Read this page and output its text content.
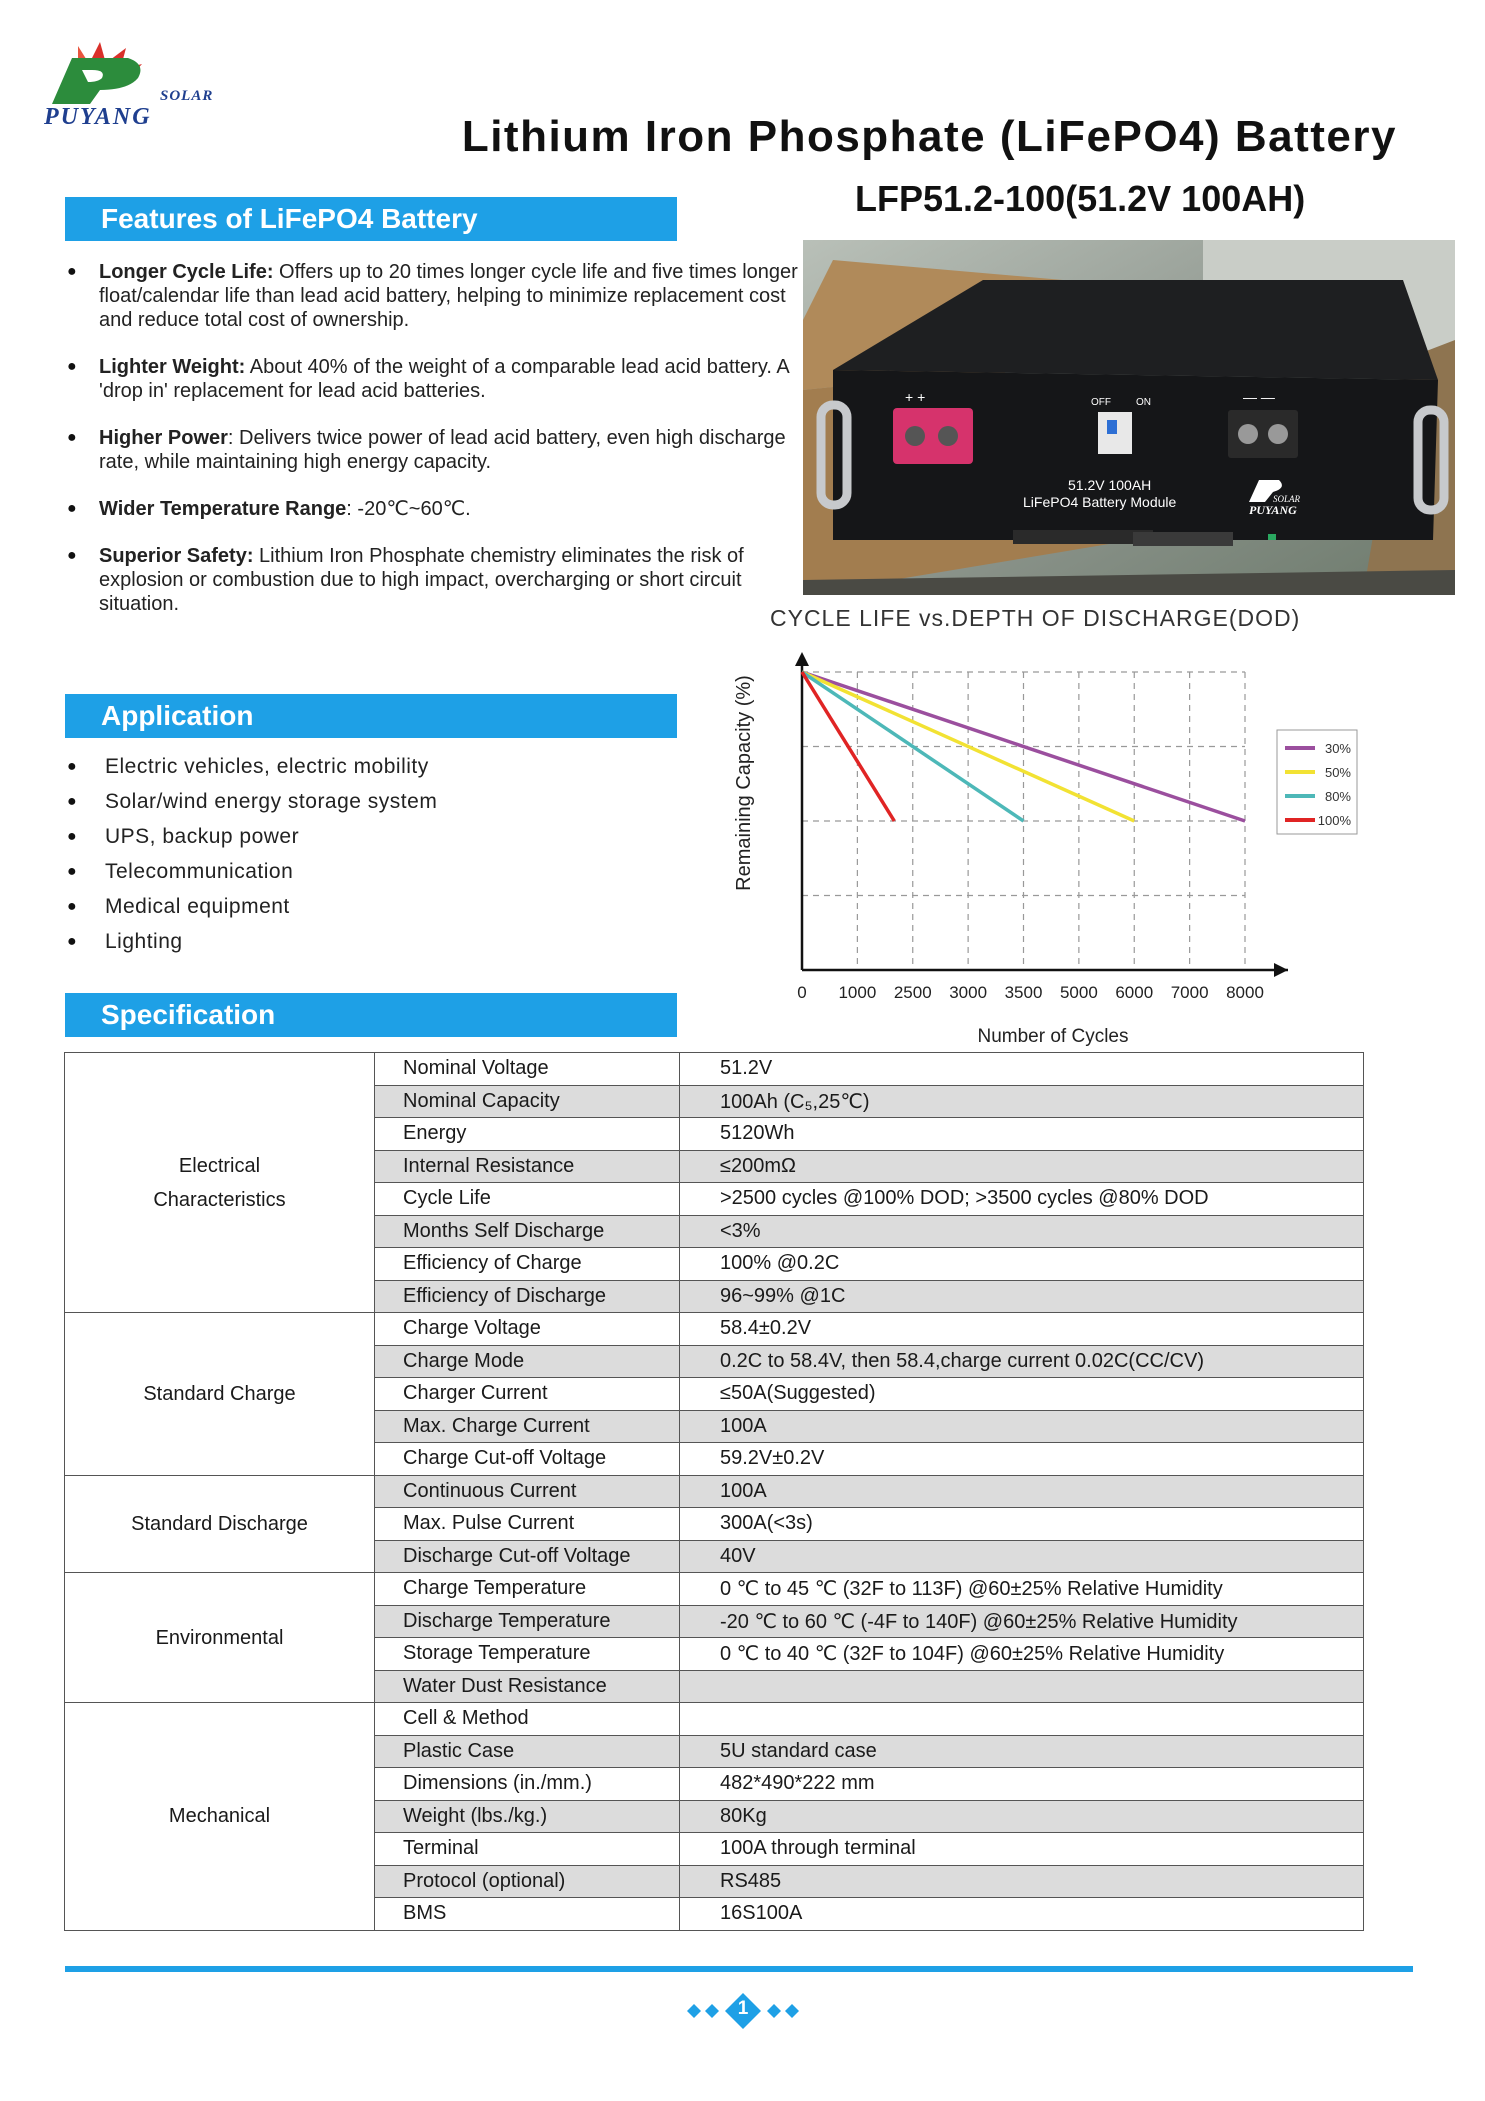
SOLAR
PUYANG	Lithium Iron Phosphate (LiFePO4) Battery
LFP51.2-100(51.2V 100AH)
Features of LiFePO4 Battery
● Longer Cycle Life: Offers up to 20 times longer cycle life and five times longer float/calendar life than lead acid battery, helping to minimize replacement cost and reduce total cost of ownership.
● Lighter Weight: About 40% of the weight of a comparable lead acid battery. A 'drop in' replacement for lead acid batteries.
● Higher Power: Delivers twice power of lead acid battery, even high discharge rate, while maintaining high energy capacity.
● Wider Temperature Range: -20℃~60℃.
● Superior Safety: Lithium Iron Phosphate chemistry eliminates the risk of explosion or combustion due to high impact, overcharging or short circuit situation.
+ +	— —
OFF	ON
51.2V 100AH
LiFePO4 Battery Module	SOLAR
PUYANG
CYCLE LIFE vs.DEPTH OF DISCHARGE(DOD)
0 1000 2500 3000 3500 5000 6000 7000 8000
Remaining Capacity (%)
Number of Cycles
30%
50%
80%
100%
Application
● Electric vehicles, electric mobility
● Solar/wind energy storage system
● UPS, backup power
● Telecommunication
● Medical equipment
● Lighting
Specification
Electrical
Characteristics	Nominal Voltage	51.2V
	Nominal Capacity	100Ah (C₅,25℃)
	Energy	5120Wh
	Internal Resistance	≤200mΩ
	Cycle Life	>2500 cycles @100% DOD; >3500 cycles @80% DOD
	Months Self Discharge	<3%
	Efficiency of Charge	100% @0.2C
	Efficiency of Discharge	96~99% @1C
Standard Charge	Charge Voltage	58.4±0.2V
	Charge Mode	0.2C to 58.4V, then 58.4,charge current 0.02C(CC/CV)
	Charger Current	≤50A(Suggested)
	Max. Charge Current	100A
	Charge Cut-off Voltage	59.2V±0.2V
Standard Discharge	Continuous Current	100A
	Max. Pulse Current	300A(<3s)
	Discharge Cut-off Voltage	40V
Environmental	Charge Temperature	0 ℃ to 45 ℃ (32F to 113F) @60±25% Relative Humidity
	Discharge Temperature	-20 ℃ to 60 ℃ (-4F to 140F) @60±25% Relative Humidity
	Storage Temperature	0 ℃ to 40 ℃ (32F to 104F) @60±25% Relative Humidity
	Water Dust Resistance	
Mechanical	Cell & Method	
	Plastic Case	5U standard case
	Dimensions (in./mm.)	482*490*222 mm
	Weight (lbs./kg.)	80Kg
	Terminal	100A through terminal
	Protocol (optional)	RS485
	BMS	16S100A
1
